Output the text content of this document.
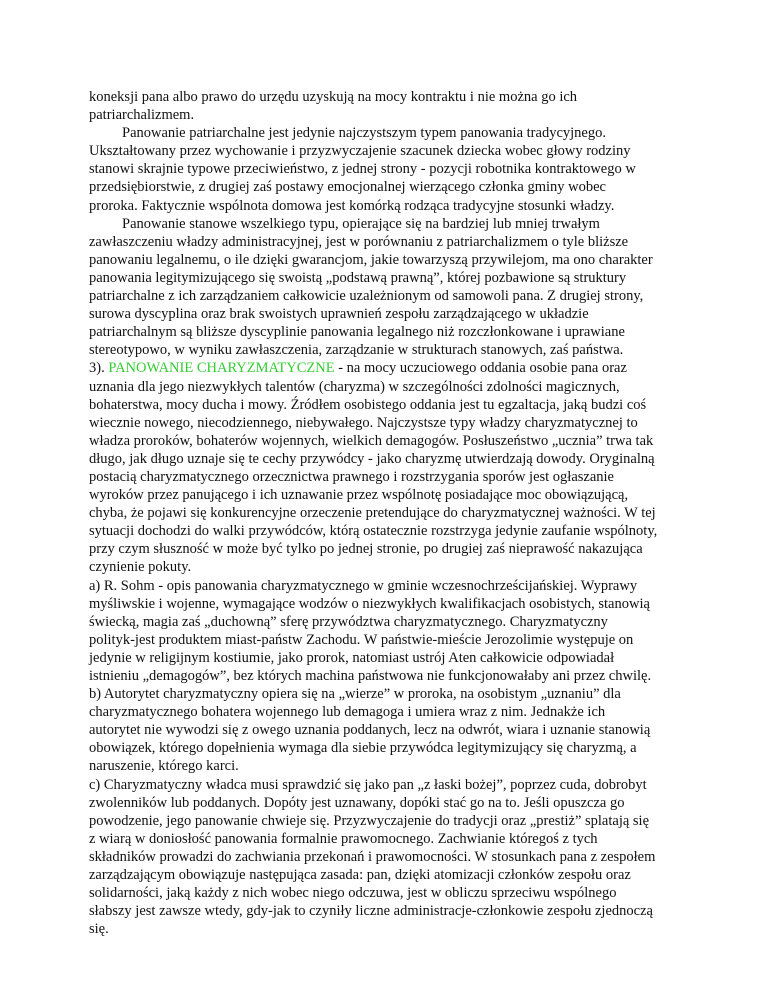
koneksji pana albo prawo do urzędu uzyskują na mocy kontraktu i nie można go ich
patriarchalizmem.
Panowanie patriarchalne jest jedynie najczystszym typem panowania tradycyjnego.
Ukształtowany przez wychowanie i przyzwyczajenie szacunek dziecka wobec głowy rodziny
stanowi skrajnie typowe przeciwieństwo, z jednej strony - pozycji robotnika kontraktowego w
przedsiębiorstwie, z drugiej zaś postawy emocjonalnej wierzącego członka gminy wobec
proroka. Faktycznie wspólnota domowa jest komórką rodząca tradycyjne stosunki władzy.
Panowanie stanowe wszelkiego typu, opierające się na bardziej lub mniej trwałym
zawłaszczeniu władzy administracyjnej, jest w porównaniu z patriarchalizmem o tyle bliższe
panowaniu legalnemu, o ile dzięki gwarancjom, jakie towarzyszą przywilejom, ma ono charakter
panowania legitymizującego się swoistą „podstawą prawną”, której pozbawione są struktury
patriarchalne z ich zarządzaniem całkowicie uzależnionym od samowoli pana. Z drugiej strony,
surowa dyscyplina oraz brak swoistych uprawnień zespołu zarządzającego w układzie
patriarchalnym są bliższe dyscyplinie panowania legalnego niż rozczłonkowane i uprawiane
stereotypowo, w wyniku zawłaszczenia, zarządzanie w strukturach stanowych, zaś państwa.
3). PANOWANIE CHARYZMATYCZNE - na mocy uczuciowego oddania osobie pana oraz
uznania dla jego niezwykłych talentów (charyzma) w szczególności zdolności magicznych,
bohaterstwa, mocy ducha i mowy. Źródłem osobistego oddania jest tu egzaltacja, jaką budzi coś
wiecznie nowego, niecodziennego, niebywałego. Najczystsze typy władzy charyzmatycznej to
władza proroków, bohaterów wojennych, wielkich demagogów. Posłuszeństwo „ucznia” trwa tak
długo, jak długo uznaje się te cechy przywódcy - jako charyzmę utwierdzają dowody. Oryginalną
postacią charyzmatycznego orzecznictwa prawnego i rozstrzygania sporów jest ogłaszanie
wyroków przez panującego i ich uznawanie przez wspólnotę posiadające moc obowiązującą,
chyba, że pojawi się konkurencyjne orzeczenie pretendujące do charyzmatycznej ważności. W tej
sytuacji dochodzi do walki przywódców, którą ostatecznie rozstrzyga jedynie zaufanie wspólnoty,
przy czym słuszność w może być tylko po jednej stronie, po drugiej zaś nieprawość nakazująca
czynienie pokuty.
a) R. Sohm - opis panowania charyzmatycznego w gminie wczesnochrześcijańskiej. Wyprawy
myśliwskie i wojenne, wymagające wodzów o niezwykłych kwalifikacjach osobistych, stanowią
świecką, magia zaś „duchowną” sferę przywództwa charyzmatycznego. Charyzmatyczny
polityk-jest produktem miast-państw Zachodu. W państwie-mieście Jerozolimie występuje on
jedynie w religijnym kostiumie, jako prorok, natomiast ustrój Aten całkowicie odpowiadał
istnieniu „demagogów”, bez których machina państwowa nie funkcjonowałaby ani przez chwilę.
b) Autorytet charyzmatyczny opiera się na „wierze” w proroka, na osobistym „uznaniu” dla
charyzmatycznego bohatera wojennego lub demagoga i umiera wraz z nim. Jednakże ich
autorytet nie wywodzi się z owego uznania poddanych, lecz na odwrót, wiara i uznanie stanowią
obowiązek, którego dopełnienia wymaga dla siebie przywódca legitymizujący się charyzmą, a
naruszenie, którego karci.
c) Charyzmatyczny władca musi sprawdzić się jako pan „z łaski bożej”, poprzez cuda, dobrobyt
zwolenników lub poddanych. Dopóty jest uznawany, dopóki stać go na to. Jeśli opuszcza go
powodzenie, jego panowanie chwieje się. Przyzwyczajenie do tradycji oraz „prestiż” splatają się
z wiarą w doniosłość panowania formalnie prawomocnego. Zachwianie któregoś z tych
składników prowadzi do zachwiania przekonań i prawomocności. W stosunkach pana z zespołem
zarządzającym obowiązuje następująca zasada: pan, dzięki atomizacji członków zespołu oraz
solidarności, jaką każdy z nich wobec niego odczuwa, jest w obliczu sprzeciwu wspólnego
słabszy jest zawsze wtedy, gdy-jak to czyniły liczne administracje-członkowie zespołu zjednoczą
się.
